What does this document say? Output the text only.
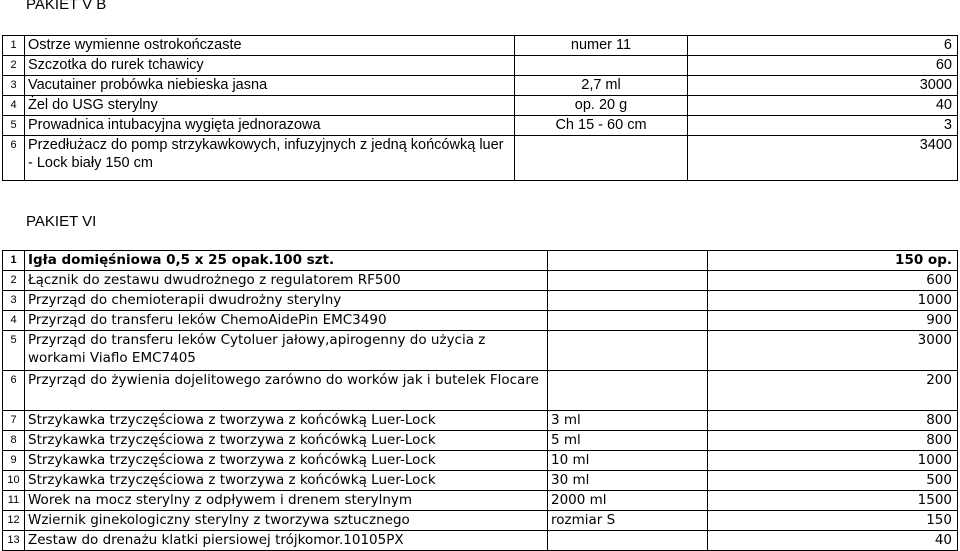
PAKIET V B
1	Ostrze wymienne ostrokończaste	numer 11	6
2	Szczotka do rurek tchawicy		60
3	Vacutainer probówka niebieska jasna	2,7 ml	3000
4	Żel do USG sterylny	op. 20 g	40
5	Prowadnica intubacyjna wygięta jednorazowa	Ch 15 - 60 cm	3
6	Przedłużacz do pomp strzykawkowych, infuzyjnych z jedną końcówką luer - Lock biały 150 cm		3400
PAKIET VI
1	Igła domięśniowa 0,5 x 25 opak.100 szt.		150 op.
2	Łącznik do zestawu dwudrożnego z regulatorem RF500		600
3	Przyrząd do chemioterapii dwudrożny sterylny		1000
4	Przyrząd do transferu leków ChemoAidePin EMC3490		900
5	Przyrząd do transferu leków Cytoluer jałowy,apirogenny do użycia z workami Viaflo EMC7405		3000
6	Przyrząd do żywienia dojelitowego zarówno do worków jak i butelek Flocare		200
7	Strzykawka trzyczęściowa z tworzywa z końcówką Luer-Lock	3 ml	800
8	Strzykawka trzyczęściowa z tworzywa z końcówką Luer-Lock	5 ml	800
9	Strzykawka trzyczęściowa z tworzywa z końcówką Luer-Lock	10 ml	1000
10	Strzykawka trzyczęściowa z tworzywa z końcówką Luer-Lock	30 ml	500
11	Worek na mocz sterylny z odpływem i drenem sterylnym	2000 ml	1500
12	Wziernik ginekologiczny sterylny z tworzywa sztucznego	rozmiar S	150
13	Zestaw do drenażu klatki piersiowej trójkomor.10105PX		40
